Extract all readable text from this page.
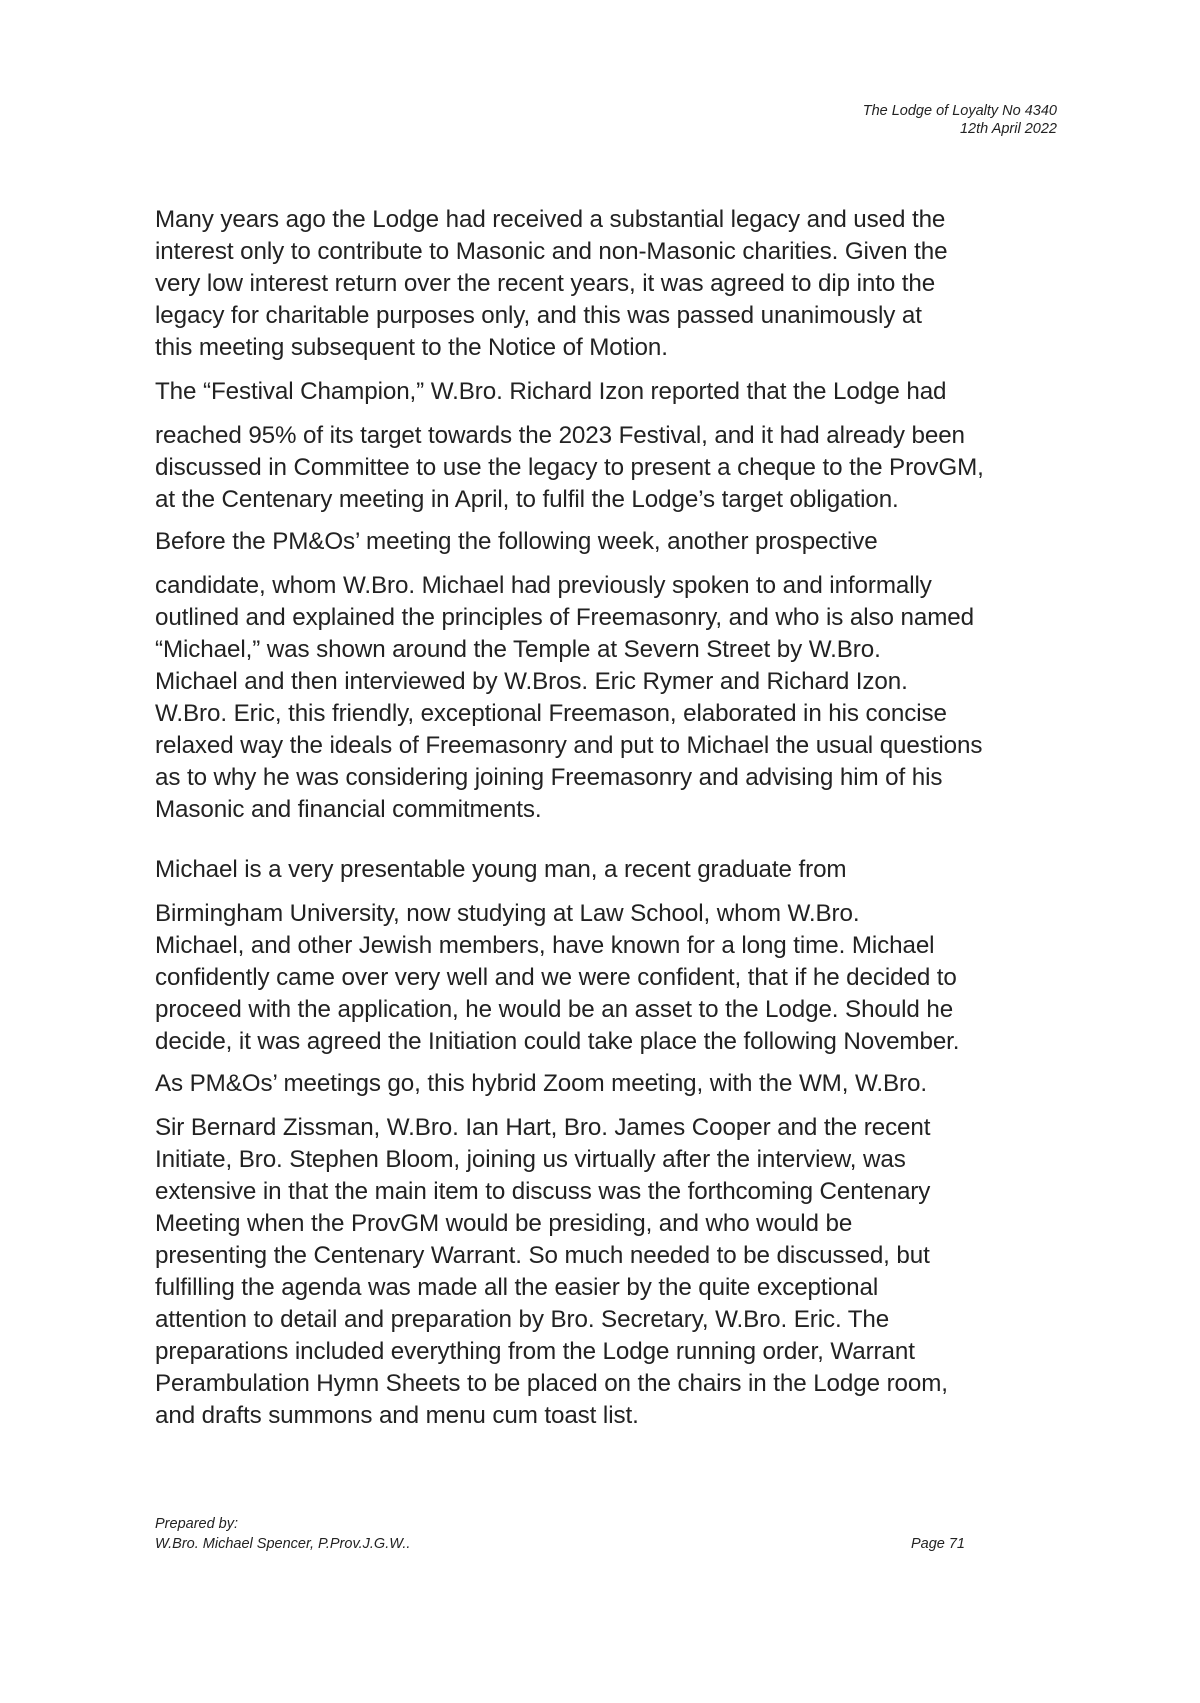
The Lodge of Loyalty No 4340
12th April 2022
Many years ago the Lodge had received a substantial legacy and used the
interest only to contribute to Masonic and non-Masonic charities. Given the
very low interest return over the recent years, it was agreed to dip into the
legacy for charitable purposes only, and this was passed unanimously at
this meeting subsequent to the Notice of Motion.
The “Festival Champion,” W.Bro. Richard Izon reported that the Lodge had
reached 95% of its target towards the 2023 Festival, and it had already been
discussed in Committee to use the legacy to present a cheque to the ProvGM,
at the Centenary meeting in April, to fulfil the Lodge’s target obligation.
Before the PM&Os’ meeting the following week, another prospective
candidate, whom W.Bro. Michael had previously spoken to and informally
outlined and explained the principles of Freemasonry, and who is also named
“Michael,” was shown around the Temple at Severn Street by W.Bro.
Michael and then interviewed by W.Bros. Eric Rymer and Richard Izon.
W.Bro. Eric, this friendly, exceptional Freemason, elaborated in his concise
relaxed way the ideals of Freemasonry and put to Michael the usual questions
as to why he was considering joining Freemasonry and advising him of his
Masonic and financial commitments.
Michael is a very presentable young man, a recent graduate from
Birmingham University, now studying at Law School, whom W.Bro.
Michael, and other Jewish members, have known for a long time. Michael
confidently came over very well and we were confident, that if he decided to
proceed with the application, he would be an asset to the Lodge. Should he
decide, it was agreed the Initiation could take place the following November.
As PM&Os’ meetings go, this hybrid Zoom meeting, with the WM, W.Bro.
Sir Bernard Zissman, W.Bro. Ian Hart, Bro. James Cooper and the recent
Initiate, Bro. Stephen Bloom, joining us virtually after the interview, was
extensive in that the main item to discuss was the forthcoming Centenary
Meeting when the ProvGM would be presiding, and who would be
presenting the Centenary Warrant. So much needed to be discussed, but
fulfilling the agenda was made all the easier by the quite exceptional
attention to detail and preparation by Bro. Secretary, W.Bro. Eric. The
preparations included everything from the Lodge running order, Warrant
Perambulation Hymn Sheets to be placed on the chairs in the Lodge room,
and drafts summons and menu cum toast list.
Prepared by:
W.Bro. Michael Spencer, P.Prov.J.G.W..	Page 71
